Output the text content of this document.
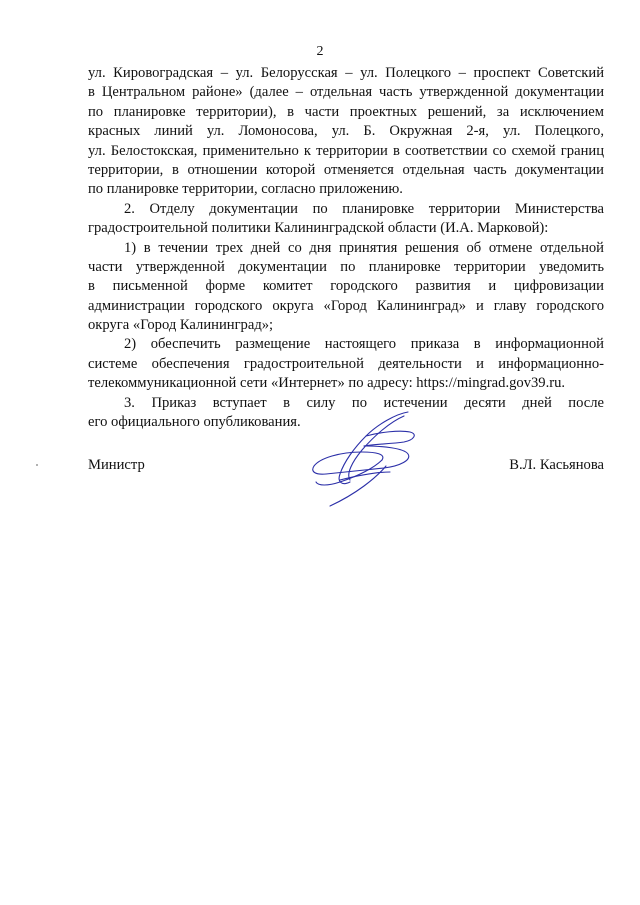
2
ул. Кировоградская – ул. Белорусская – ул. Полецкого – проспект Советский
в Центральном районе» (далее – отдельная часть утвержденной документации
по планировке территории), в части проектных решений, за исключением
красных линий ул. Ломоносова, ул. Б. Окружная 2-я, ул. Полецкого,
ул. Белостокская, применительно к территории в соответствии со схемой границ
территории, в отношении которой отменяется отдельная часть документации
по планировке территории, согласно приложению.
2. Отделу документации по планировке территории Министерства
градостроительной политики Калининградской области (И.А. Марковой):
1) в течении трех дней со дня принятия решения об отмене отдельной
части утвержденной документации по планировке территории уведомить
в письменной форме комитет городского развития и цифровизации
администрации городского округа «Город Калининград» и главу городского
округа «Город Калининград»;
2) обеспечить размещение настоящего приказа в информационной
системе обеспечения градостроительной деятельности и информационно-
телекоммуникационной сети «Интернет» по адресу: https://mingrad.gov39.ru.
3. Приказ вступает в силу по истечении десяти дней после
его официального опубликования.
Министр	В.Л. Касьянова
